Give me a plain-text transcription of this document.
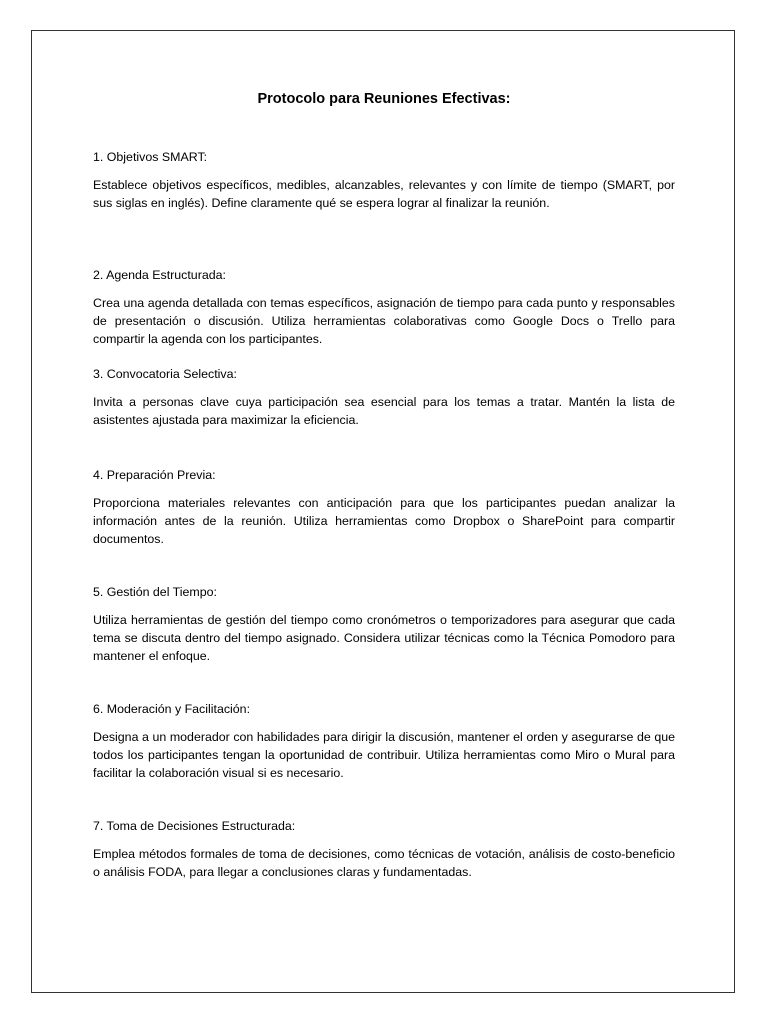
Protocolo para Reuniones Efectivas:

1. Objetivos SMART:

Establece objetivos específicos, medibles, alcanzables, relevantes y con límite de tiempo (SMART, por sus siglas en inglés). Define claramente qué se espera lograr al finalizar la reunión.

2. Agenda Estructurada:

Crea una agenda detallada con temas específicos, asignación de tiempo para cada punto y responsables de presentación o discusión. Utiliza herramientas colaborativas como Google Docs o Trello para compartir la agenda con los participantes.

3. Convocatoria Selectiva:

Invita a personas clave cuya participación sea esencial para los temas a tratar. Mantén la lista de asistentes ajustada para maximizar la eficiencia.

4. Preparación Previa:

Proporciona materiales relevantes con anticipación para que los participantes puedan analizar la información antes de la reunión. Utiliza herramientas como Dropbox o SharePoint para compartir documentos.

5. Gestión del Tiempo:

Utiliza herramientas de gestión del tiempo como cronómetros o temporizadores para asegurar que cada tema se discuta dentro del tiempo asignado. Considera utilizar técnicas como la Técnica Pomodoro para mantener el enfoque.

6. Moderación y Facilitación:

Designa a un moderador con habilidades para dirigir la discusión, mantener el orden y asegurarse de que todos los participantes tengan la oportunidad de contribuir. Utiliza herramientas como Miro o Mural para facilitar la colaboración visual si es necesario.

7. Toma de Decisiones Estructurada:

Emplea métodos formales de toma de decisiones, como técnicas de votación, análisis de costo-beneficio o análisis FODA, para llegar a conclusiones claras y fundamentadas.
